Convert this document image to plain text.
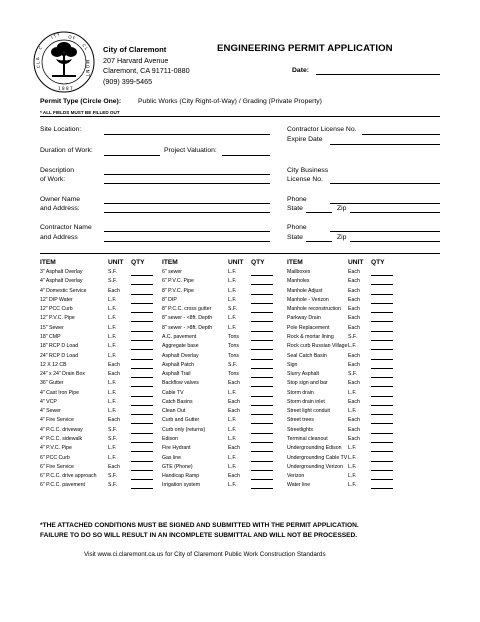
C
I T Y O F
C L
C L A	M O N T
1 8 8 7
City of Claremont
207 Harvard Avenue
Claremont, CA 91711-0880
(909) 399-5465
ENGINEERING PERMIT APPLICATION
Date:
Permit Type (Circle One): Public Works (City Right-of-Way) / Grading (Private Property)
* ALL FIELDS MUST BE FILLED OUT
Site Location:	Contractor License No.
Expire Date
Duration of Work:	Project Valuation:
Description
of Work:
City Business
License No.
Owner Name
and Address:
Phone
State	Zip
Contractor Name
and Address
Phone
State	Zip
ITEM	UNIT QTY	ITEM	UNIT QTY	ITEM	UNIT QTY
3" Asphalt Overlay	S.F.	6" sewer	L.F.	Mailboxes	Each
4" Asphalt Overlay	S.F.	6" P.V.C. Pipe	L.F.	Manholes	Each
4" Domestic Service	Each	8" P.V.C. Pipe	L.F.	Manhole Adjust	Each
12" DIP Water	L.F.	8" DIP	L.F.	Manhole - Verizon	Each
12" PCC Curb	L.F.	8" P.C.C. cross gutter	S.F.	Manhole reconstruction Each
12" P.V.C. Pipe	L.F.	8" sewer - <8ft. Depth	L.F.	Parkway Drain	Each
15" Sewer	L.F.	8" sewer - >8ft. Depth	L.F.	Pole Replacement	Each
18" CMP	L.F.	A.C. pavement	Tons	Rock & mortar lining	S.F.
18" RCP D Load	L.F.	Aggregate base	Tons	Rock curb Russian Village L.F.
24" RCP D Load	L.F.	Asphalt Overlay	Tons	Seal Catch Basin	Each
12 X 12 CB	Each	Asphalt Patch	S.F.	Sign	Each
24" x 24" Drain Box	Each	Asphalt Trail	Tons	Slurry Asphalt	S.F.
36" Gutter	L.F.	Backflow valves	Each	Stop sign and bar	Each
4" Cast Iron Pipe	L.F.	Cable TV	L.F.	Storm drain	L.F.
4" VCP	L.F.	Catch Basins	Each	Storm drain inlet	Each
4" Sewer	L.F.	Clean Out	Each	Street light conduit	L.F.
4" Fire Service	Each	Curb and Gutter	L.F.	Street trees	Each
4" P.C.C. driveway	S.F.	Curb only (returns)	L.F.	Streetlights	Each
4" P.C.C. sidewalk	S.F.	Edison	L.F.	Terminal cleanout	Each
4" P.V.C. Pipe	L.F.	Fire Hydrant	Each	Undergrounding Edison L.F.
6" PCC Curb	L.F.	Gas line	L.F.	Undergrounding Cable TV L.F.
6" Fire Service	Each	GTE (Phone)	L.F.	Undergrounding Verizon L.F.
6" P.C.C. drive approach S.F.	Handicap Ramp	Each	Verizon	L.F.
6" P.C.C. pavement	S.F.	Irrigation system	L.F.	Water line	L.F.
*THE ATTACHED CONDITIONS MUST BE SIGNED AND SUBMITTED WITH THE PERMIT APPLICATION.
FAILURE TO DO SO WILL RESULT IN AN INCOMPLETE SUBMITTAL AND WILL NOT BE PROCESSED.
Visit www.ci.claremont.ca.us for City of Claremont Public Work Construction Standards
